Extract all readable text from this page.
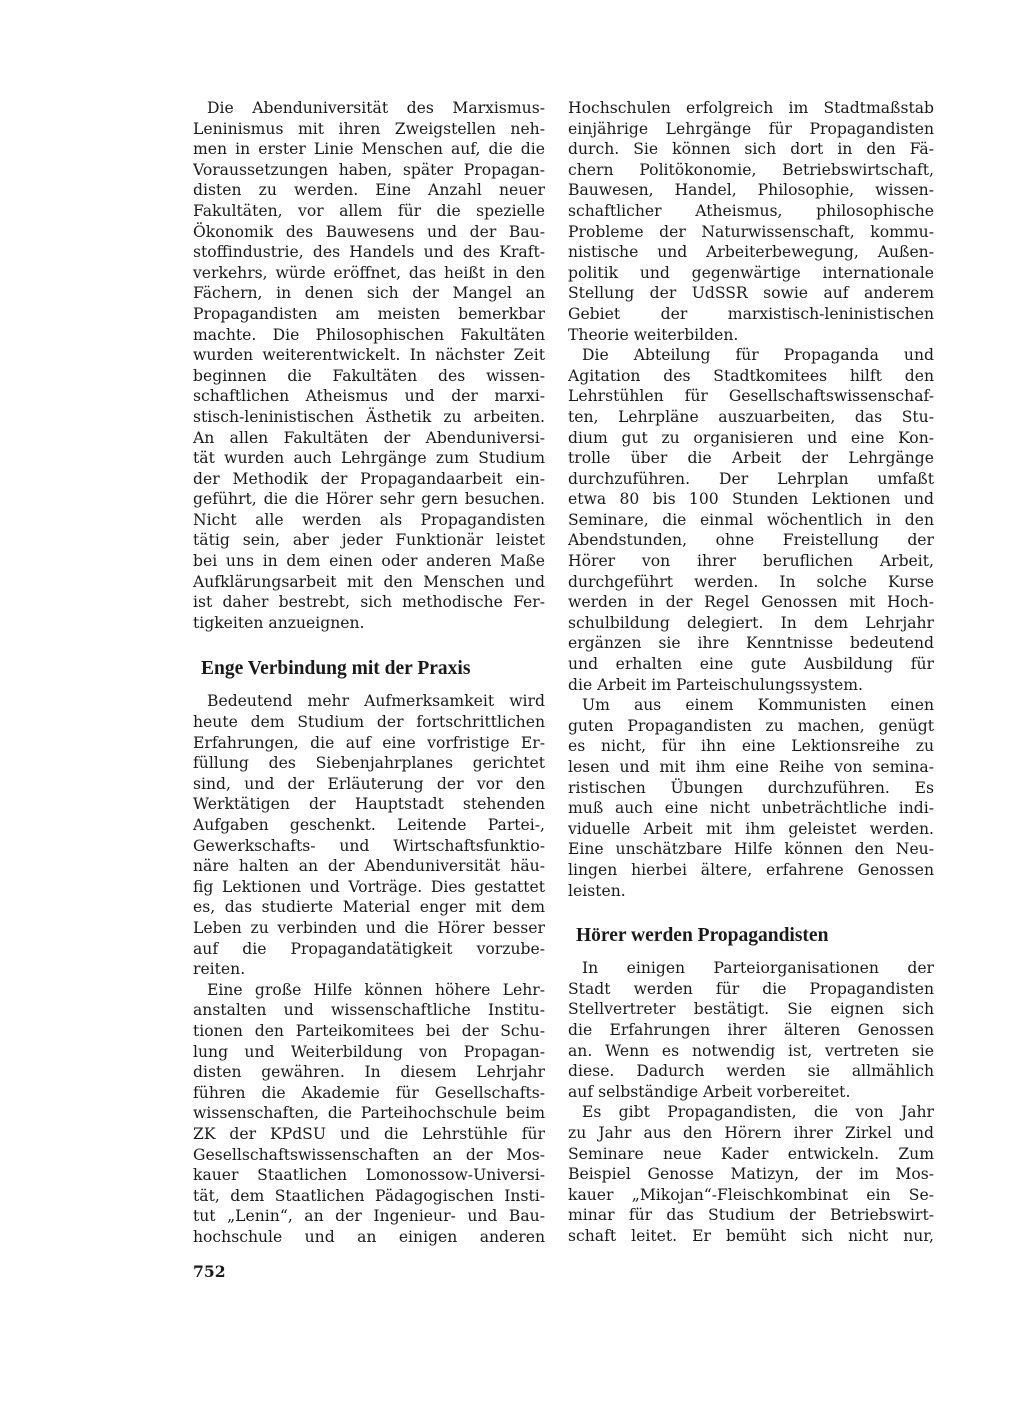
Die Abenduniversität des Marxismus-
Leninismus mit ihren Zweigstellen neh-
men in erster Linie Menschen auf, die die
Voraussetzungen haben, später Propagan-
disten zu werden. Eine Anzahl neuer
Fakultäten, vor allem für die spezielle
Ökonomik des Bauwesens und der Bau-
stoffindustrie, des Handels und des Kraft-
verkehrs, würde eröffnet, das heißt in den
Fächern, in denen sich der Mangel an
Propagandisten am meisten bemerkbar
machte. Die Philosophischen Fakultäten
wurden weiterentwickelt. In nächster Zeit
beginnen die Fakultäten des wissen-
schaftlichen Atheismus und der marxi-
stisch-leninistischen Ästhetik zu arbeiten.
An allen Fakultäten der Abenduniversi-
tät wurden auch Lehrgänge zum Studium
der Methodik der Propagandaarbeit ein-
geführt, die die Hörer sehr gern besuchen.
Nicht alle werden als Propagandisten
tätig sein, aber jeder Funktionär leistet
bei uns in dem einen oder anderen Maße
Aufklärungsarbeit mit den Menschen und
ist daher bestrebt, sich methodische Fer-
tigkeiten anzueignen.
Enge Verbindung mit der Praxis
Bedeutend mehr Aufmerksamkeit wird
heute dem Studium der fortschrittlichen
Erfahrungen, die auf eine vorfristige Er-
füllung des Siebenjahrplanes gerichtet
sind, und der Erläuterung der vor den
Werktätigen der Hauptstadt stehenden
Aufgaben geschenkt. Leitende Partei-,
Gewerkschafts- und Wirtschaftsfunktio-
näre halten an der Abenduniversität häu-
fig Lektionen und Vorträge. Dies gestattet
es, das studierte Material enger mit dem
Leben zu verbinden und die Hörer besser
auf die Propagandatätigkeit vorzube-
reiten.
Eine große Hilfe können höhere Lehr-
anstalten und wissenschaftliche Institu-
tionen den Parteikomitees bei der Schu-
lung und Weiterbildung von Propagan-
disten gewähren. In diesem Lehrjahr
führen die Akademie für Gesellschafts-
wissenschaften, die Parteihochschule beim
ZK der KPdSU und die Lehrstühle für
Gesellschaftswissenschaften an der Mos-
kauer Staatlichen Lomonossow-Universi-
tät, dem Staatlichen Pädagogischen Insti-
tut „Lenin“, an der Ingenieur- und Bau-
hochschule und an einigen anderen
Hochschulen erfolgreich im Stadtmaßstab
einjährige Lehrgänge für Propagandisten
durch. Sie können sich dort in den Fä-
chern Politökonomie, Betriebswirtschaft,
Bauwesen, Handel, Philosophie, wissen-
schaftlicher Atheismus, philosophische
Probleme der Naturwissenschaft, kommu-
nistische und Arbeiterbewegung, Außen-
politik und gegenwärtige internationale
Stellung der UdSSR sowie auf anderem
Gebiet der marxistisch-leninistischen
Theorie weiterbilden.
Die Abteilung für Propaganda und
Agitation des Stadtkomitees hilft den
Lehrstühlen für Gesellschaftswissenschaf-
ten, Lehrpläne auszuarbeiten, das Stu-
dium gut zu organisieren und eine Kon-
trolle über die Arbeit der Lehrgänge
durchzuführen. Der Lehrplan umfaßt
etwa 80 bis 100 Stunden Lektionen und
Seminare, die einmal wöchentlich in den
Abendstunden, ohne Freistellung der
Hörer von ihrer beruflichen Arbeit,
durchgeführt werden. In solche Kurse
werden in der Regel Genossen mit Hoch-
schulbildung delegiert. In dem Lehrjahr
ergänzen sie ihre Kenntnisse bedeutend
und erhalten eine gute Ausbildung für
die Arbeit im Parteischulungssystem.
Um aus einem Kommunisten einen
guten Propagandisten zu machen, genügt
es nicht, für ihn eine Lektionsreihe zu
lesen und mit ihm eine Reihe von semina-
ristischen Übungen durchzuführen. Es
muß auch eine nicht unbeträchtliche indi-
viduelle Arbeit mit ihm geleistet werden.
Eine unschätzbare Hilfe können den Neu-
lingen hierbei ältere, erfahrene Genossen
leisten.
Hörer werden Propagandisten
In einigen Parteiorganisationen der
Stadt werden für die Propagandisten
Stellvertreter bestätigt. Sie eignen sich
die Erfahrungen ihrer älteren Genossen
an. Wenn es notwendig ist, vertreten sie
diese. Dadurch werden sie allmählich
auf selbständige Arbeit vorbereitet.
Es gibt Propagandisten, die von Jahr
zu Jahr aus den Hörern ihrer Zirkel und
Seminare neue Kader entwickeln. Zum
Beispiel Genosse Matizyn, der im Mos-
kauer „Mikojan“-Fleischkombinat ein Se-
minar für das Studium der Betriebswirt-
schaft leitet. Er bemüht sich nicht nur,
752
